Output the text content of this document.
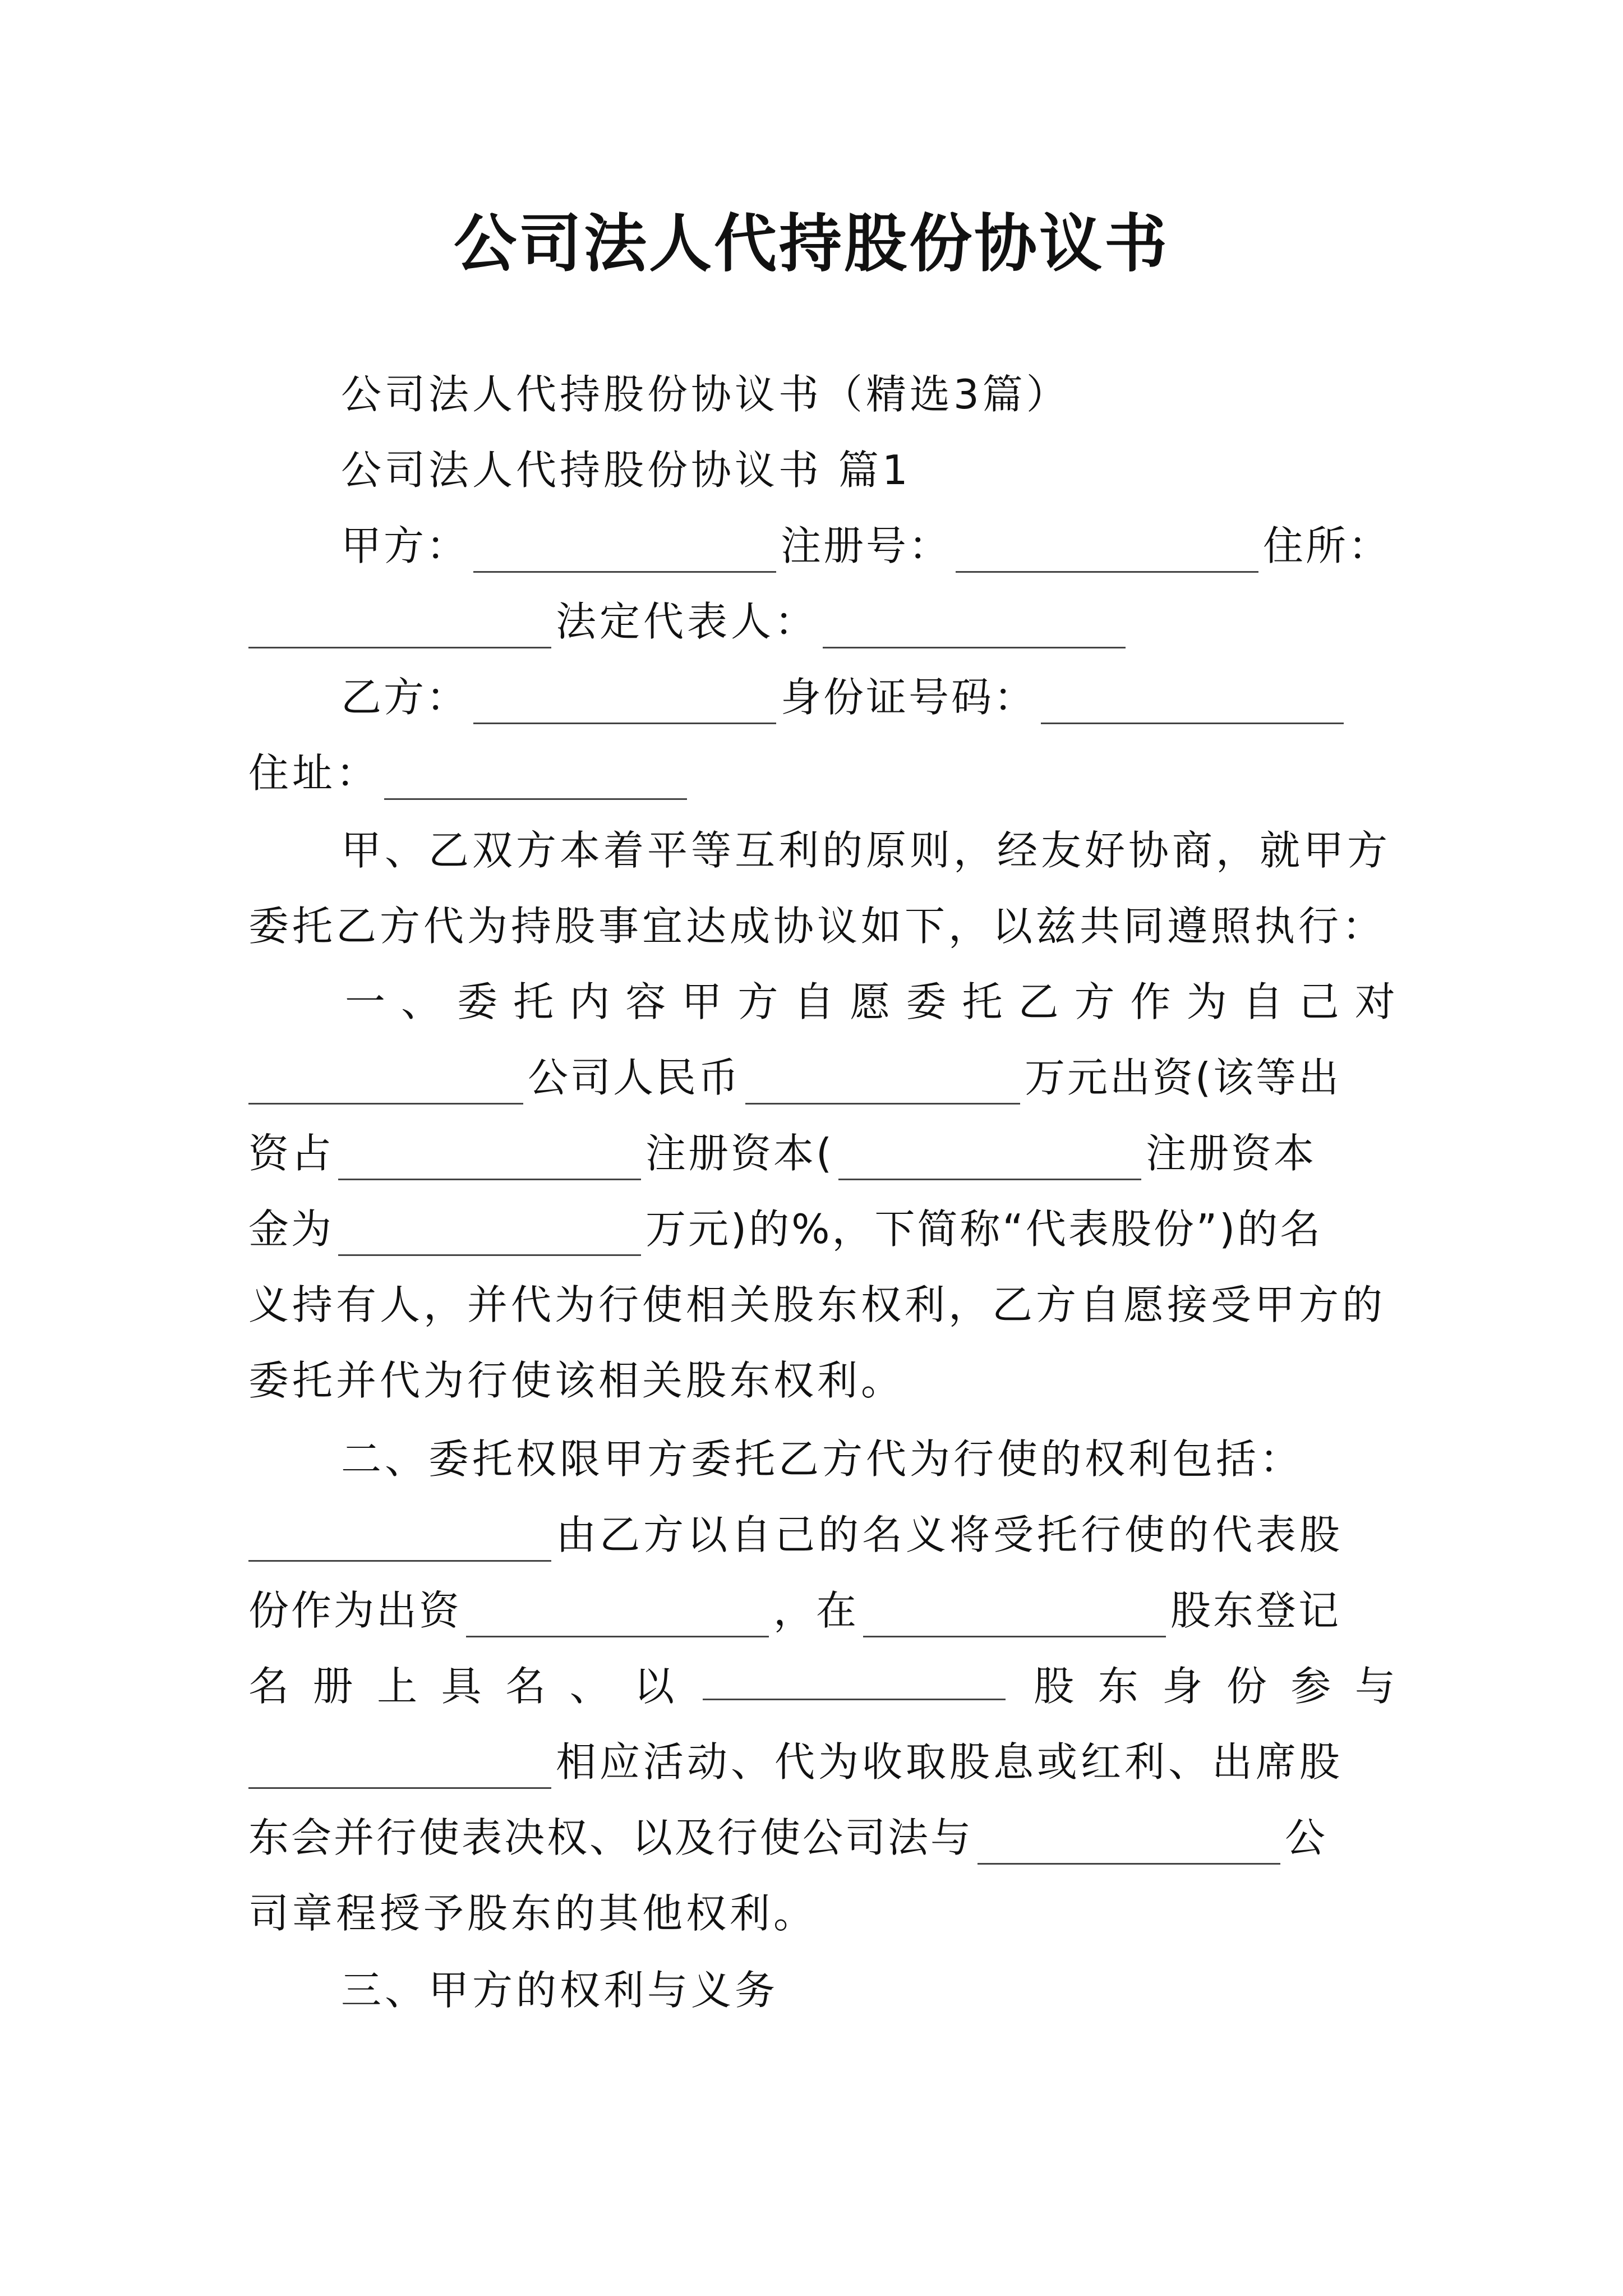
公司法人代持股份协议书
公司法人代持股份协议书（精选3篇）
公司法人代持股份协议书 篇1
甲方：	注册号：	住所：
法定代表人：
乙方：	身份证号码：
住址：
甲、乙双方本着平等互利的原则，经友好协商，就甲方
委托乙方代为持股事宜达成协议如下，以兹共同遵照执行：
一 、 委 托 内 容 甲 方 自 愿 委 托 乙 方 作 为 自 己 对
公司人民币	万元出资(该等出
资占	注册资本(	注册资本
金为	万元)的%，下简称“代表股份”)的名
义持有人，并代为行使相关股东权利，乙方自愿接受甲方的
委托并代为行使该相关股东权利。
二、委托权限甲方委托乙方代为行使的权利包括：
由乙方以自己的名义将受托行使的代表股
份作为出资	，在	股东登记
名 册 上 具 名 、 以	股 东 身 份 参 与
相应活动、代为收取股息或红利、出席股
东会并行使表决权、以及行使公司法与	公
司章程授予股东的其他权利。
三、甲方的权利与义务
